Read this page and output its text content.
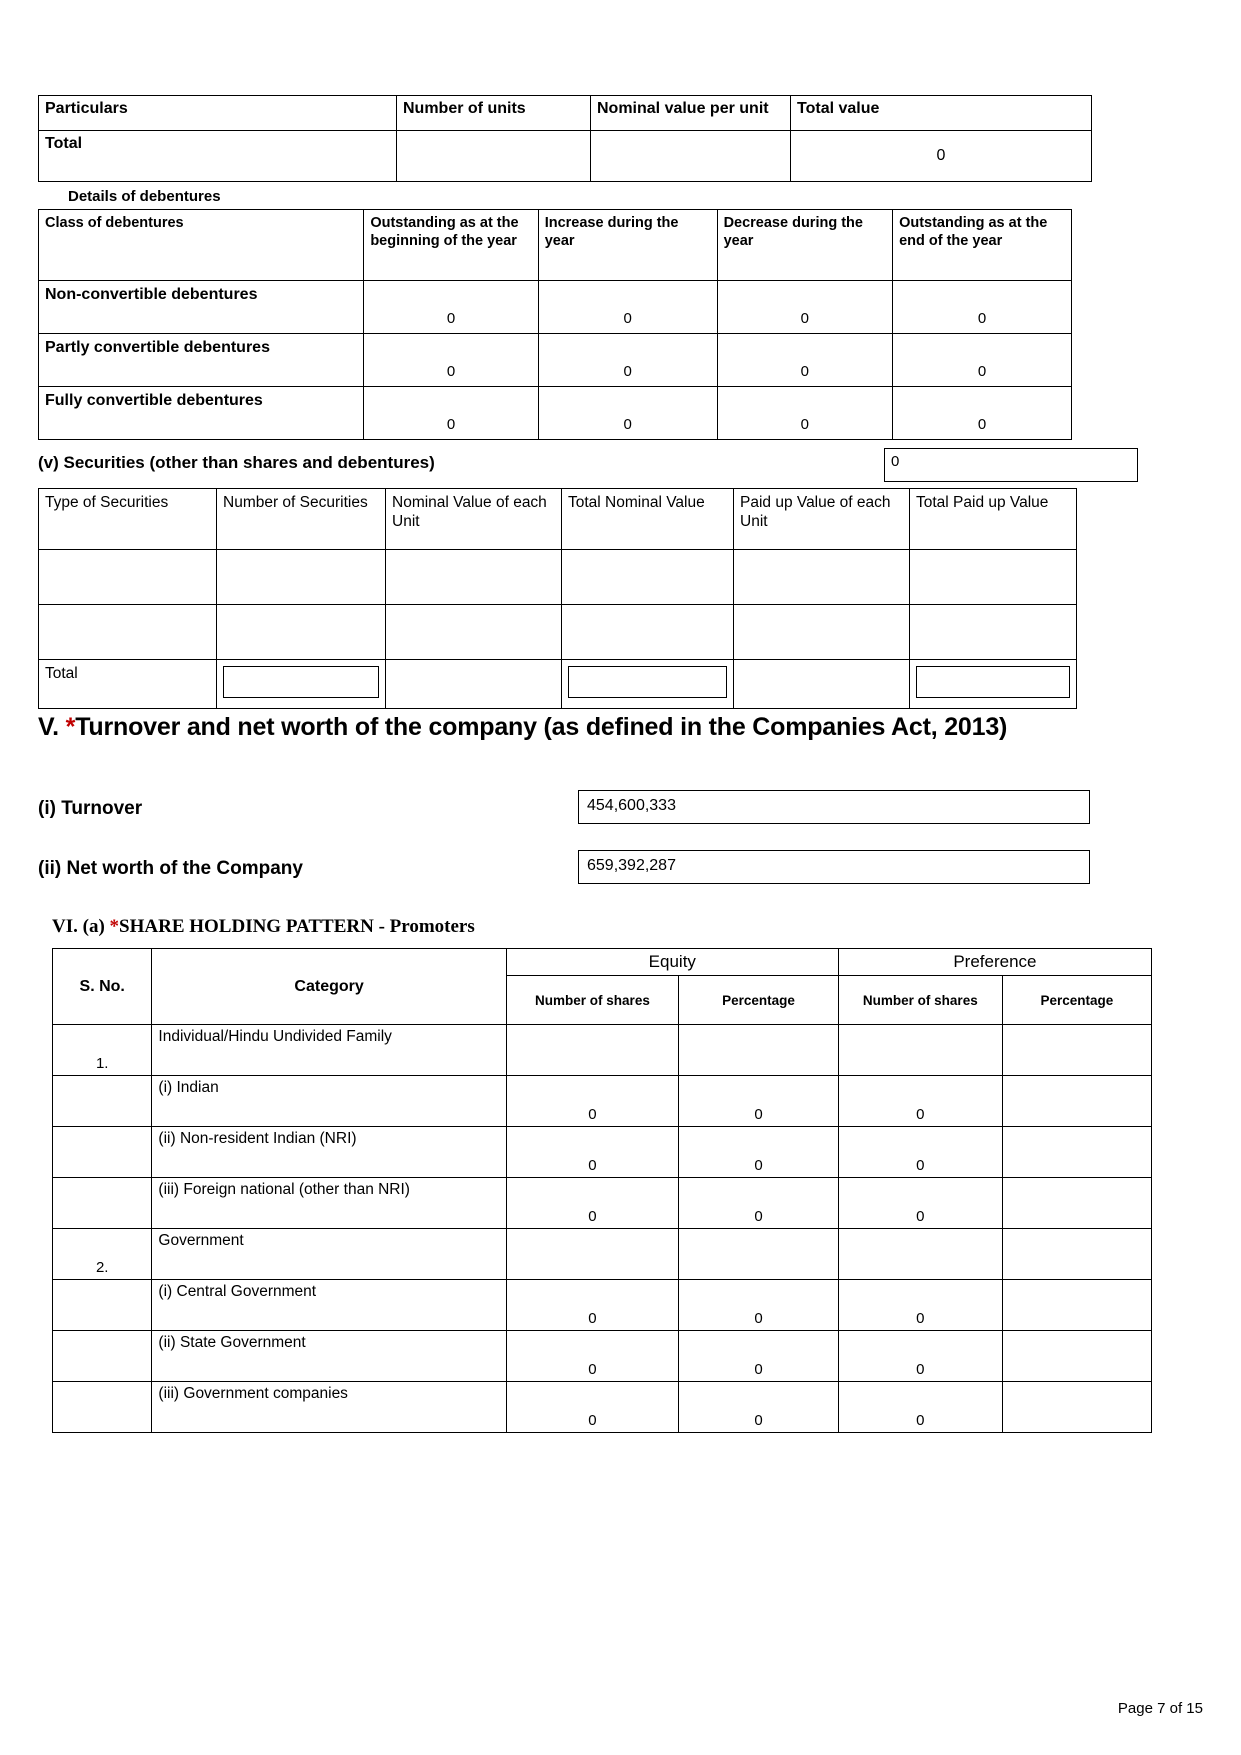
Particulars	Number of units	Nominal value per unit	Total value
Total			0
Details of debentures
Class of debentures	Outstanding as at the beginning of the year	Increase during the year	Decrease during the year	Outstanding as at the end of the year
Non-convertible debentures	0	0	0	0
Partly convertible debentures	0	0	0	0
Fully convertible debentures	0	0	0	0
(v) Securities (other than shares and debentures)	0
Type of Securities	Number of Securities	Nominal Value of each Unit	Total Nominal Value	Paid up Value of each Unit	Total Paid up Value

Total	

V. *Turnover and net worth of the company (as defined in the Companies Act, 2013)
(i) Turnover	454,600,333
(ii) Net worth of the Company	659,392,287
VI. (a) *SHARE HOLDING PATTERN - Promoters
S. No.	Category	Equity		Preference	
		Number of shares	Percentage	Number of shares	Percentage
1.	Individual/Hindu Undivided Family				
	(i) Indian	0	0	0	
	(ii) Non-resident Indian (NRI)	0	0	0	
	(iii) Foreign national (other than NRI)	0	0	0	
2.	Government				
	(i) Central Government	0	0	0	
	(ii) State Government	0	0	0	
	(iii) Government companies	0	0	0	
Page 7 of 15
